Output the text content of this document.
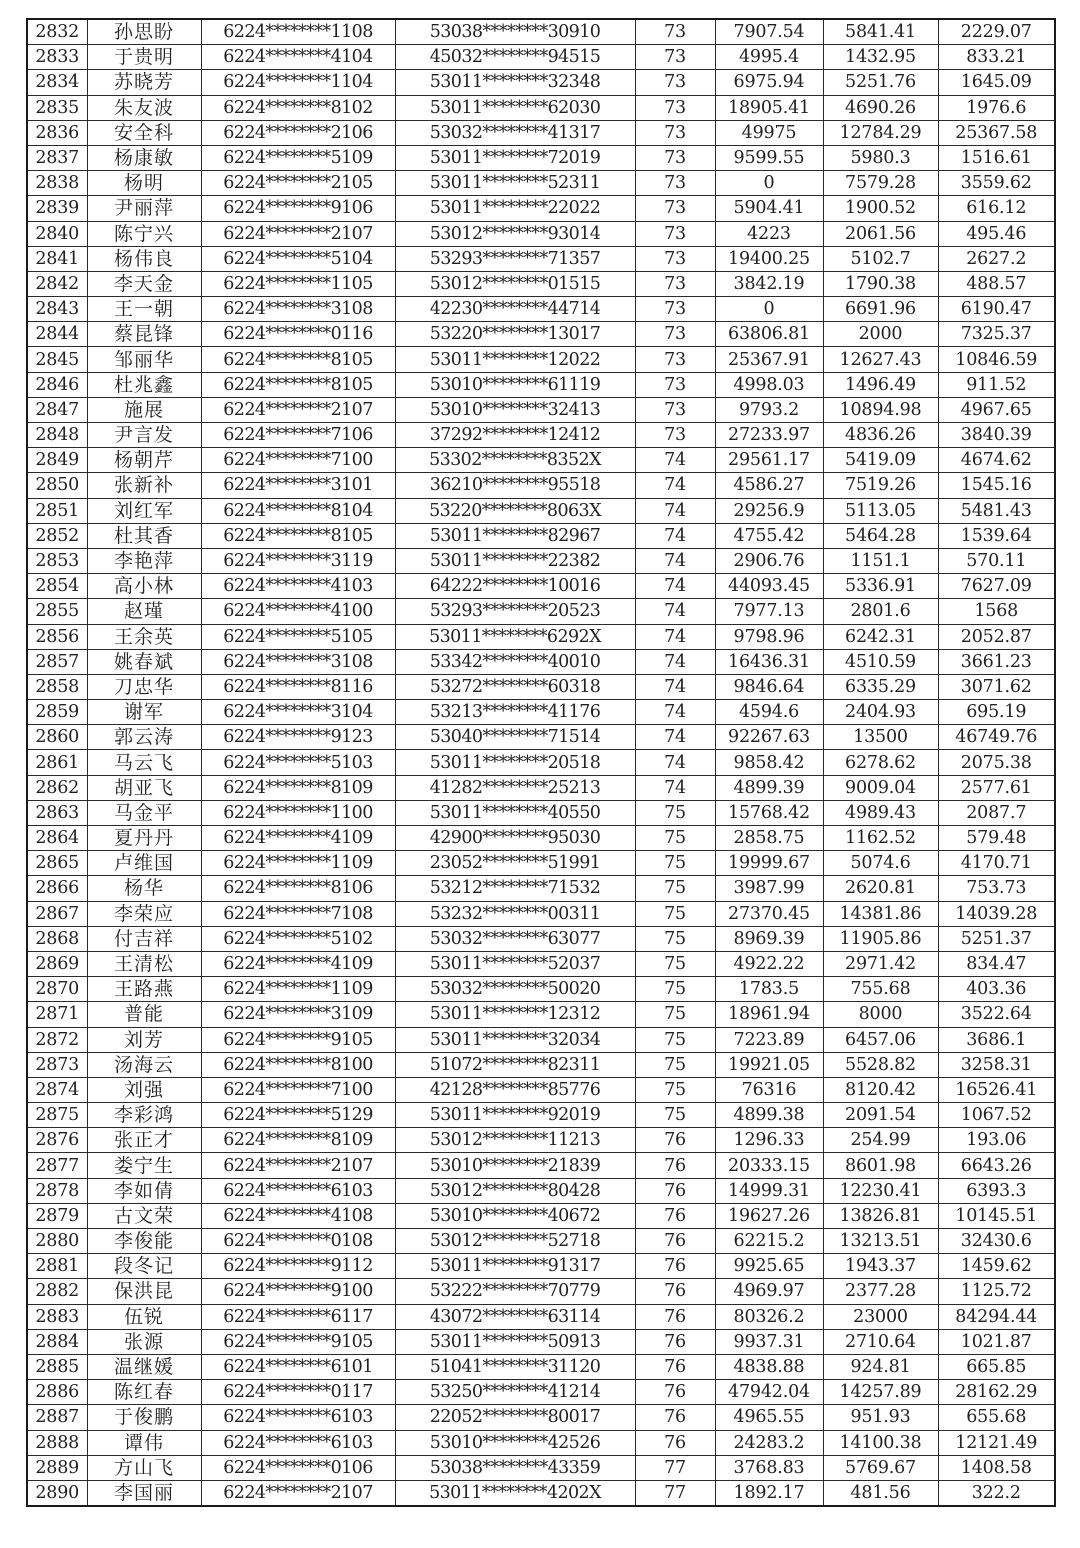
2832	孙思盼	6224********1108	53038********30910	73	7907.54	5841.41	2229.07
2833	于贵明	6224********4104	45032********94515	73	4995.4	1432.95	833.21
2834	苏晓芳	6224********1104	53011********32348	73	6975.94	5251.76	1645.09
2835	朱友波	6224********8102	53011********62030	73	18905.41	4690.26	1976.6
2836	安全科	6224********2106	53032********41317	73	49975	12784.29	25367.58
2837	杨康敏	6224********5109	53011********72019	73	9599.55	5980.3	1516.61
2838	杨明	6224********2105	53011********52311	73	0	7579.28	3559.62
2839	尹丽萍	6224********9106	53011********22022	73	5904.41	1900.52	616.12
2840	陈宁兴	6224********2107	53012********93014	73	4223	2061.56	495.46
2841	杨伟良	6224********5104	53293********71357	73	19400.25	5102.7	2627.2
2842	李天金	6224********1105	53012********01515	73	3842.19	1790.38	488.57
2843	王一朝	6224********3108	42230********44714	73	0	6691.96	6190.47
2844	蔡昆锋	6224********0116	53220********13017	73	63806.81	2000	7325.37
2845	邹丽华	6224********8105	53011********12022	73	25367.91	12627.43	10846.59
2846	杜兆鑫	6224********8105	53010********61119	73	4998.03	1496.49	911.52
2847	施展	6224********2107	53010********32413	73	9793.2	10894.98	4967.65
2848	尹言发	6224********7106	37292********12412	73	27233.97	4836.26	3840.39
2849	杨朝芹	6224********7100	53302********8352X	74	29561.17	5419.09	4674.62
2850	张新补	6224********3101	36210********95518	74	4586.27	7519.26	1545.16
2851	刘红军	6224********8104	53220********8063X	74	29256.9	5113.05	5481.43
2852	杜其香	6224********8105	53011********82967	74	4755.42	5464.28	1539.64
2853	李艳萍	6224********3119	53011********22382	74	2906.76	1151.1	570.11
2854	高小林	6224********4103	64222********10016	74	44093.45	5336.91	7627.09
2855	赵瑾	6224********4100	53293********20523	74	7977.13	2801.6	1568
2856	王余英	6224********5105	53011********6292X	74	9798.96	6242.31	2052.87
2857	姚春斌	6224********3108	53342********40010	74	16436.31	4510.59	3661.23
2858	刀忠华	6224********8116	53272********60318	74	9846.64	6335.29	3071.62
2859	谢军	6224********3104	53213********41176	74	4594.6	2404.93	695.19
2860	郭云涛	6224********9123	53040********71514	74	92267.63	13500	46749.76
2861	马云飞	6224********5103	53011********20518	74	9858.42	6278.62	2075.38
2862	胡亚飞	6224********8109	41282********25213	74	4899.39	9009.04	2577.61
2863	马金平	6224********1100	53011********40550	75	15768.42	4989.43	2087.7
2864	夏丹丹	6224********4109	42900********95030	75	2858.75	1162.52	579.48
2865	卢维国	6224********1109	23052********51991	75	19999.67	5074.6	4170.71
2866	杨华	6224********8106	53212********71532	75	3987.99	2620.81	753.73
2867	李荣应	6224********7108	53232********00311	75	27370.45	14381.86	14039.28
2868	付吉祥	6224********5102	53032********63077	75	8969.39	11905.86	5251.37
2869	王清松	6224********4109	53011********52037	75	4922.22	2971.42	834.47
2870	王路燕	6224********1109	53032********50020	75	1783.5	755.68	403.36
2871	普能	6224********3109	53011********12312	75	18961.94	8000	3522.64
2872	刘芳	6224********9105	53011********32034	75	7223.89	6457.06	3686.1
2873	汤海云	6224********8100	51072********82311	75	19921.05	5528.82	3258.31
2874	刘强	6224********7100	42128********85776	75	76316	8120.42	16526.41
2875	李彩鸿	6224********5129	53011********92019	75	4899.38	2091.54	1067.52
2876	张正才	6224********8109	53012********11213	76	1296.33	254.99	193.06
2877	娄宁生	6224********2107	53010********21839	76	20333.15	8601.98	6643.26
2878	李如倩	6224********6103	53012********80428	76	14999.31	12230.41	6393.3
2879	古文荣	6224********4108	53010********40672	76	19627.26	13826.81	10145.51
2880	李俊能	6224********0108	53012********52718	76	62215.2	13213.51	32430.6
2881	段冬记	6224********9112	53011********91317	76	9925.65	1943.37	1459.62
2882	保洪昆	6224********9100	53222********70779	76	4969.97	2377.28	1125.72
2883	伍锐	6224********6117	43072********63114	76	80326.2	23000	84294.44
2884	张源	6224********9105	53011********50913	76	9937.31	2710.64	1021.87
2885	温继媛	6224********6101	51041********31120	76	4838.88	924.81	665.85
2886	陈红春	6224********0117	53250********41214	76	47942.04	14257.89	28162.29
2887	于俊鹏	6224********6103	22052********80017	76	4965.55	951.93	655.68
2888	谭伟	6224********6103	53010********42526	76	24283.2	14100.38	12121.49
2889	方山飞	6224********0106	53038********43359	77	3768.83	5769.67	1408.58
2890	李国丽	6224********2107	53011********4202X	77	1892.17	481.56	322.2
